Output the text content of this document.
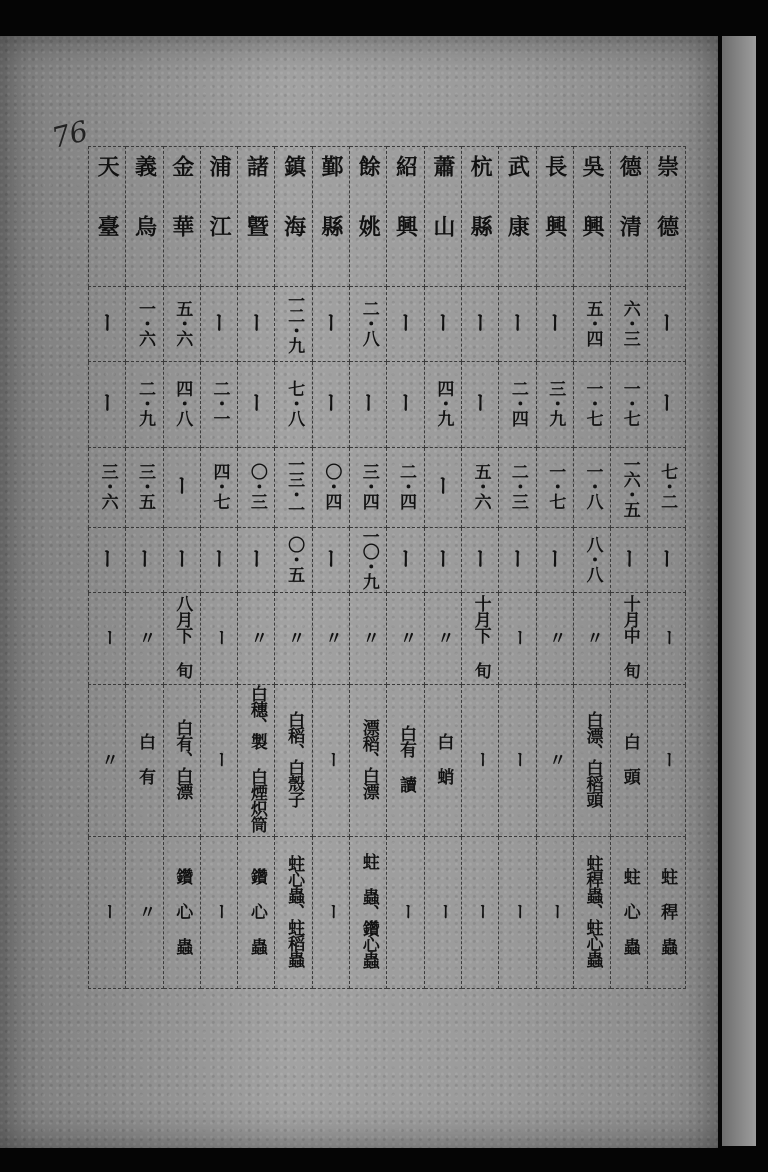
76
天臺	義烏	金華	浦江	諸曁	鎮海	鄞縣	餘姚	紹興	蕭山	杭縣	武康	長興	吳興	德清	崇德
ー	一・六	五・六	ー	ー	一二・九	ー	二・八	ー	ー	ー	ー	ー	五・四	六・三	ー
ー	二・九	四・八	二・一	ー	七・八	ー	ー	ー	四・九	ー	二・四	三・九	一・七	一・七	ー
三・六	三・五	ー	四・七	〇・三	一三・一	〇・四	三・四	二・四	ー	五・六	二・三	一・七	一・八	一六・五	七・二
ー	ー	ー	ー	ー	〇・五	ー	一〇・九	ー	ー	ー	ー	ー	八・八	ー	ー
ー	〃	八月下 旬	ー	〃	〃	〃	〃	〃	〃	十月下 旬	ー	〃	〃	十月中 旬	ー
〃	白 有	白有、白漂	ー	白穗、製 白煙炽筒	白稻、白殼子	ー	漂稻、白漂	白有 讀	白 蛸	ー	ー	〃	白漂、白稻頭	白 頭	ー
ー	〃	鑽 心 蟲	ー	鑽 心 蟲	蛀心蟲、蛀稻蟲	ー	蛀 蟲、鑽心蟲	ー	ー	ー	ー	ー	蛀稈蟲、蛀心蟲	蛀 心 蟲	蛀 稈 蟲
